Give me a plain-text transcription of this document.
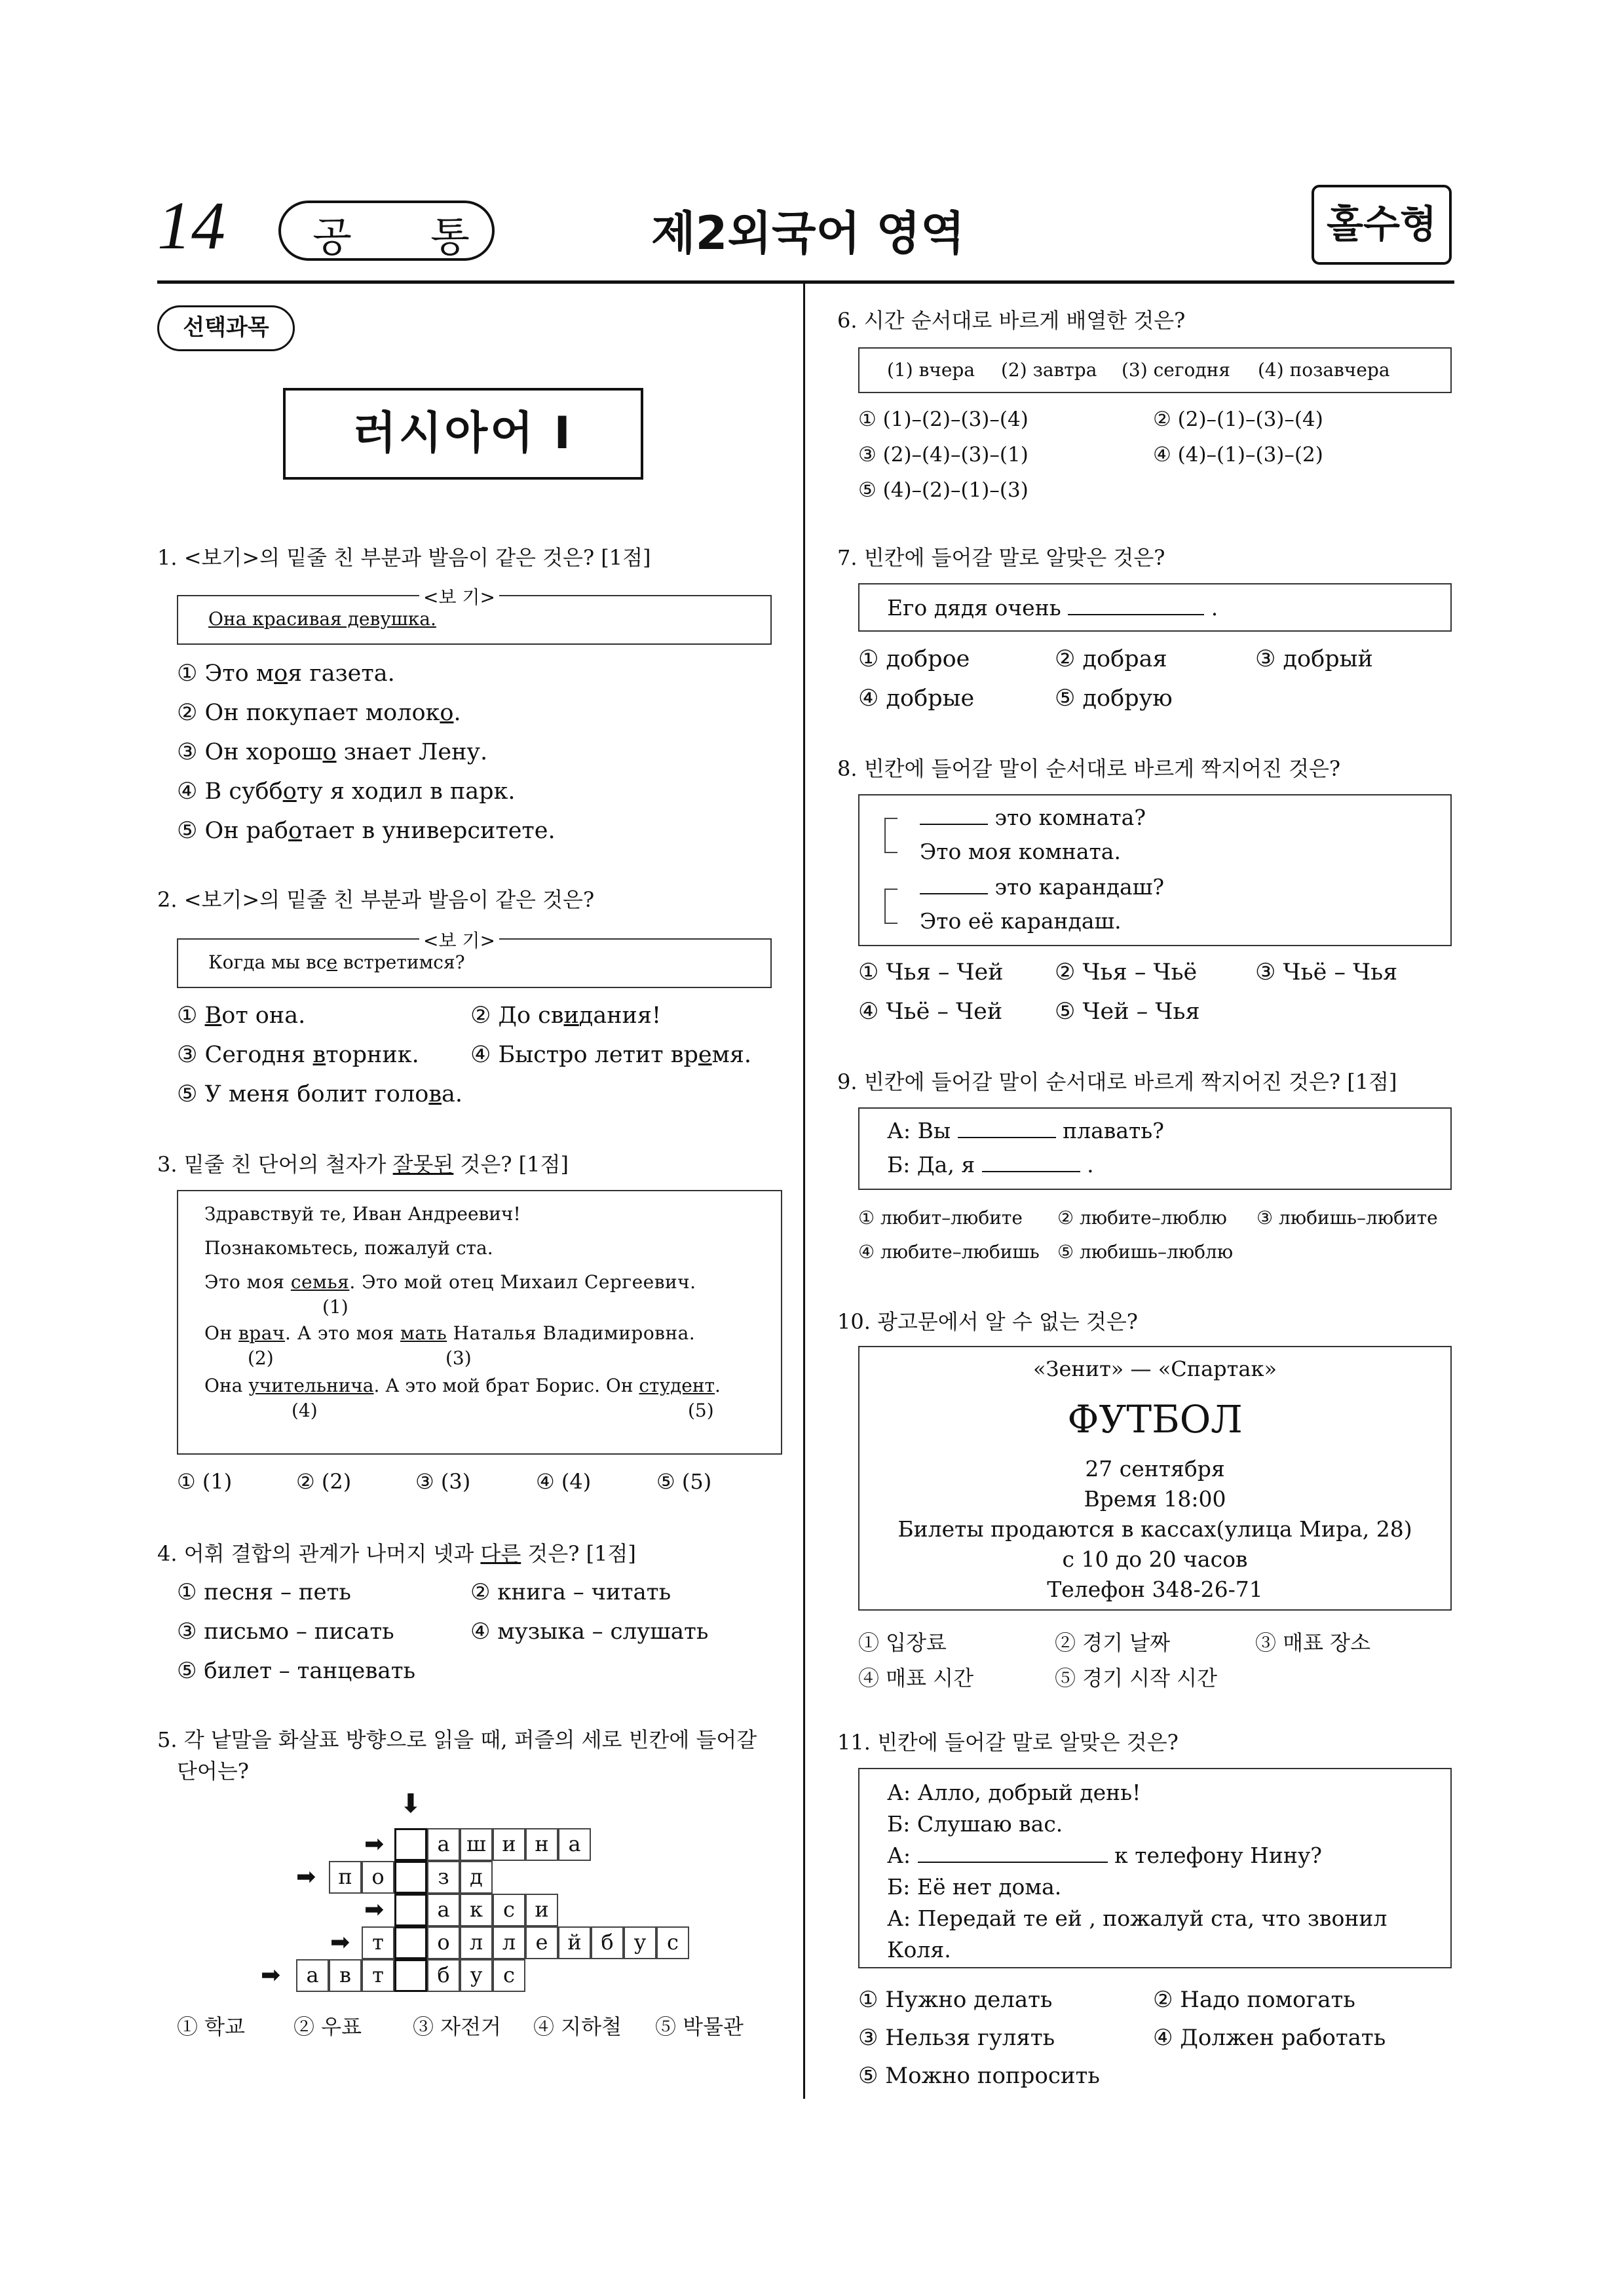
14 공 통	제2외국어 영역	홀수형
선택과목
러시아어 Ⅰ
1. <보기>의 밑줄 친 부분과 발음이 같은 것은? [1점]
<보 기>
Она красивая девушка.
① Это моя газета.
② Он покупает молоко.
③ Он хорошо знает Лену.
④ В субботу я ходил в парк.
⑤ Он работает в университете.
2. <보기>의 밑줄 친 부분과 발음이 같은 것은?
<보 기>
Когда мы все встретимся?
① Вот она.	② До свидания!
③ Сегодня вторник. ④ Быстро летит время.
⑤ У меня болит голова.
3. 밑줄 친 단어의 철자가 잘못된 것은? [1점]
Здравствуй те, Иван Андреевич!
Познакомьтесь, пожалуй ста.
Это моя семья. Это мой отец Михаил Сергеевич.
(1)
Он врач. А это моя мать Наталья Владимировна.
(2)	(3)
Она учительнича. А это мой брат Борис. Он студент.
(4)	(5)
① (1)	② (2)	③ (3)	④ (4)	⑤ (5)
4. 어휘 결합의 관계가 나머지 넷과 다른 것은? [1점]
① песня – петь	② книга – читать
③ письмо – писать	④ музыка – слушать
⑤ билет – танцевать
5. 각 낱말을 화살표 방향으로 읽을 때, 퍼즐의 세로 빈칸에 들어갈
단어는?
⬇
➡	а ш и н а
➡	п о	з д
➡	а к с и
➡	т	о л л е й б у с
➡	а в	т	б у с
① 학교 ② 우표 ③ 자전거 ④ 지하철 ⑤ 박물관
6. 시간 순서대로 바르게 배열한 것은?
(1) вчера (2) завтра (3) сегодня (4) позавчера
① (1)–(2)–(3)–(4)	② (2)–(1)–(3)–(4)
③ (2)–(4)–(3)–(1)	④ (4)–(1)–(3)–(2)
⑤ (4)–(2)–(1)–(3)
7. 빈칸에 들어갈 말로 알맞은 것은?
Его дядя очень	.
① доброе	② добрая	③ добрый
④ добрые	⑤ добрую
8. 빈칸에 들어갈 말이 순서대로 바르게 짝지어진 것은?
это комната?
Это моя комната.
это карандаш?
Это её карандаш.
① Чья – Чей ② Чья – Чьё	③ Чьё – Чья
④ Чьё – Чей ⑤ Чей – Чья
9. 빈칸에 들어갈 말이 순서대로 바르게 짝지어진 것은? [1점]
А: Вы	плавать?
Б: Да, я	.
① любит–любите ② любите–люблю ③ любишь–любите
④ любите–любишь ⑤ любишь–люблю
10. 광고문에서 알 수 없는 것은?
«Зенит» — «Спартак»
ФУТБОЛ
27 сентября
Время 18:00
Билеты продаются в кассах(улица Мира, 28)
с 10 до 20 часов
Телефон 348-26-71
① 입장료	② 경기 날짜	③ 매표 장소
④ 매표 시간	⑤ 경기 시작 시간
11. 빈칸에 들어갈 말로 알맞은 것은?
А: Алло, добрый день!
Б: Слушаю вас.
А:	к телефону Нину?
Б: Её нет дома.
А: Передай те ей , пожалуй ста, что звонил
Коля.
① Нужно делать	② Надо помогать
③ Нельзя гулять	④ Должен работать
⑤ Можно попросить
